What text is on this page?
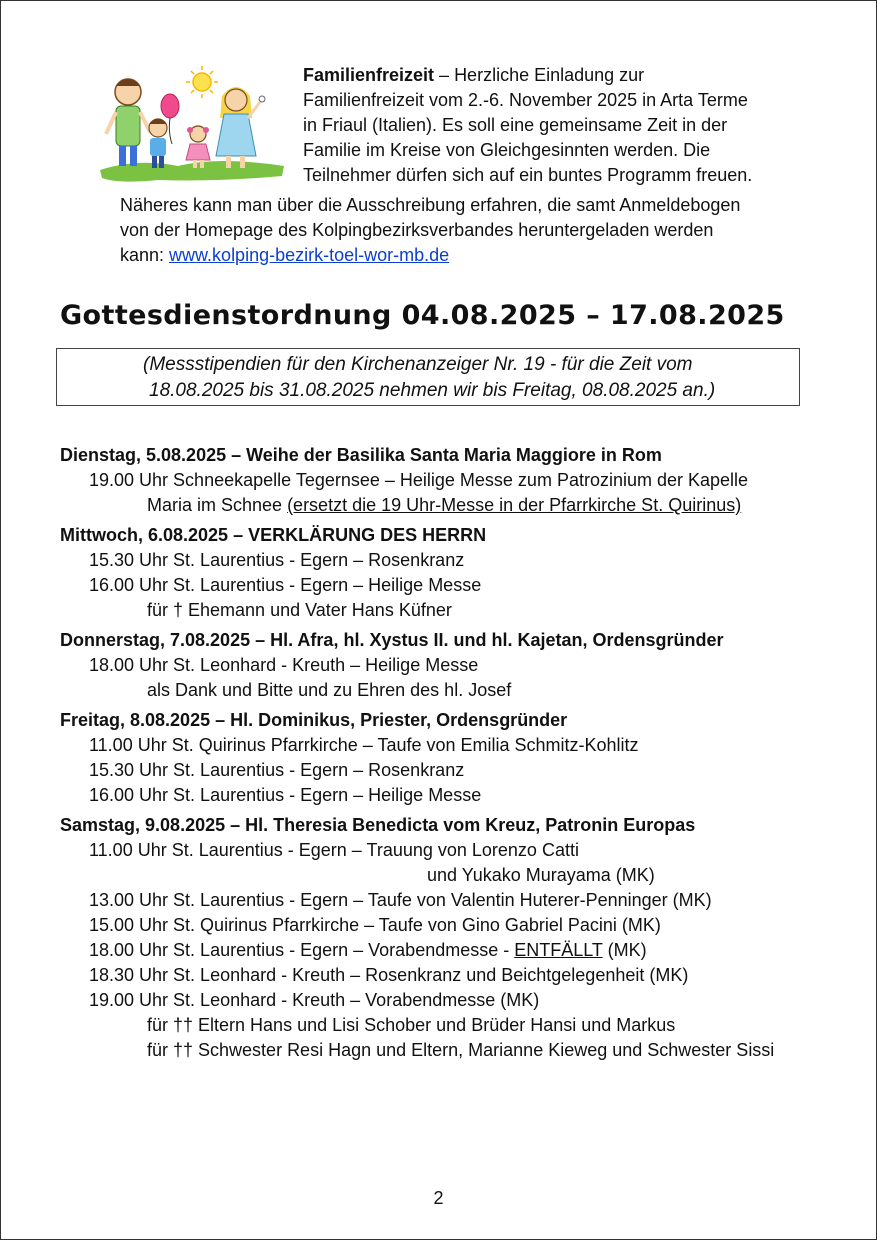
Familienfreizeit – Herzliche Einladung zur
Familienfreizeit vom 2.-6. November 2025 in Arta Terme
in Friaul (Italien). Es soll eine gemeinsame Zeit in der
Familie im Kreise von Gleichgesinnten werden. Die
Teilnehmer dürfen sich auf ein buntes Programm freuen.
Näheres kann man über die Ausschreibung erfahren, die samt Anmeldebogen
von der Homepage des Kolpingbezirksverbandes heruntergeladen werden
kann: www.kolping-bezirk-toel-wor-mb.de
Gottesdienstordnung 04.08.2025 – 17.08.2025
(Messstipendien für den Kirchenanzeiger Nr. 19 - für die Zeit vom
18.08.2025 bis 31.08.2025 nehmen wir bis Freitag, 08.08.2025 an.)
Dienstag, 5.08.2025 – Weihe der Basilika Santa Maria Maggiore in Rom
19.00 Uhr Schneekapelle Tegernsee – Heilige Messe zum Patrozinium der Kapelle
Maria im Schnee (ersetzt die 19 Uhr-Messe in der Pfarrkirche St. Quirinus)
Mittwoch, 6.08.2025 – VERKLÄRUNG DES HERRN
15.30 Uhr St. Laurentius - Egern – Rosenkranz
16.00 Uhr St. Laurentius - Egern – Heilige Messe
für † Ehemann und Vater Hans Küfner
Donnerstag, 7.08.2025 – Hl. Afra, hl. Xystus II. und hl. Kajetan, Ordensgründer
18.00 Uhr St. Leonhard - Kreuth – Heilige Messe
als Dank und Bitte und zu Ehren des hl. Josef
Freitag, 8.08.2025 – Hl. Dominikus, Priester, Ordensgründer
11.00 Uhr St. Quirinus Pfarrkirche – Taufe von Emilia Schmitz-Kohlitz
15.30 Uhr St. Laurentius - Egern – Rosenkranz
16.00 Uhr St. Laurentius - Egern – Heilige Messe
Samstag, 9.08.2025 – Hl. Theresia Benedicta vom Kreuz, Patronin Europas
11.00 Uhr St. Laurentius - Egern – Trauung von Lorenzo Catti
und Yukako Murayama (MK)
13.00 Uhr St. Laurentius - Egern – Taufe von Valentin Huterer-Penninger (MK)
15.00 Uhr St. Quirinus Pfarrkirche – Taufe von Gino Gabriel Pacini (MK)
18.00 Uhr St. Laurentius - Egern – Vorabendmesse - ENTFÄLLT (MK)
18.30 Uhr St. Leonhard - Kreuth – Rosenkranz und Beichtgelegenheit (MK)
19.00 Uhr St. Leonhard - Kreuth – Vorabendmesse (MK)
für †† Eltern Hans und Lisi Schober und Brüder Hansi und Markus
für †† Schwester Resi Hagn und Eltern, Marianne Kieweg und Schwester Sissi
2
